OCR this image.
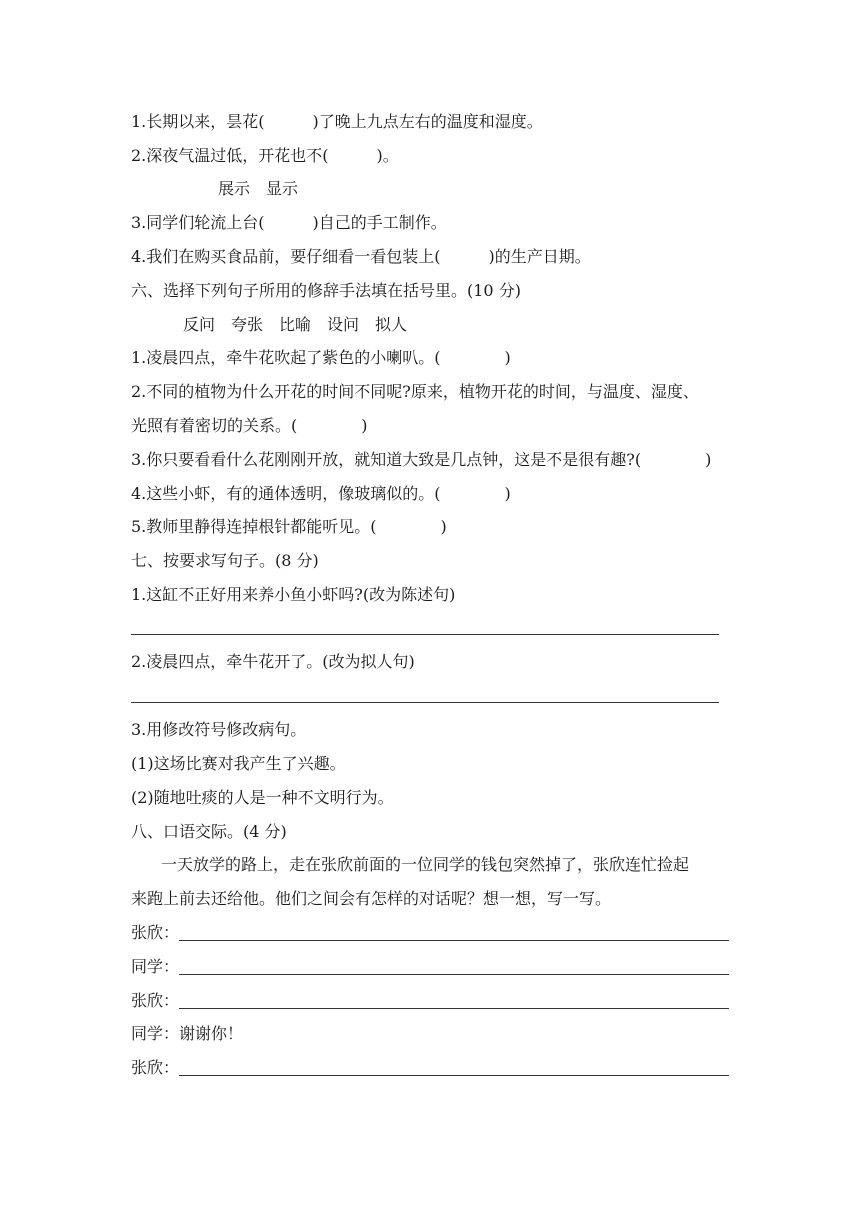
1.长期以来，昙花(　　　)了晚上九点左右的温度和湿度。
2.深夜气温过低，开花也不(　　　)。
展示　显示
3.同学们轮流上台(　　　)自己的手工制作。
4.我们在购买食品前，要仔细看一看包装上(　　　)的生产日期。
六、选择下列句子所用的修辞手法填在括号里。(10 分)
反问　夸张　比喻　设问　拟人
1.凌晨四点，牵牛花吹起了紫色的小喇叭。(　　　　)
2.不同的植物为什么开花的时间不同呢?原来，植物开花的时间，与温度、湿度、
光照有着密切的关系。(　　　　)
3.你只要看看什么花刚刚开放，就知道大致是几点钟，这是不是很有趣?(　　　　)
4.这些小虾，有的通体透明，像玻璃似的。(　　　　)
5.教师里静得连掉根针都能听见。(　　　　)
七、按要求写句子。(8 分)
1.这缸不正好用来养小鱼小虾吗?(改为陈述句)
2.凌晨四点，牵牛花开了。(改为拟人句)
3.用修改符号修改病句。
(1)这场比赛对我产生了兴趣。
(2)随地吐痰的人是一种不文明行为。
八、口语交际。(4 分)
一天放学的路上，走在张欣前面的一位同学的钱包突然掉了，张欣连忙捡起
来跑上前去还给他。他们之间会有怎样的对话呢？想一想，写一写。
张欣：
同学：
张欣：
同学：谢谢你！
张欣：
